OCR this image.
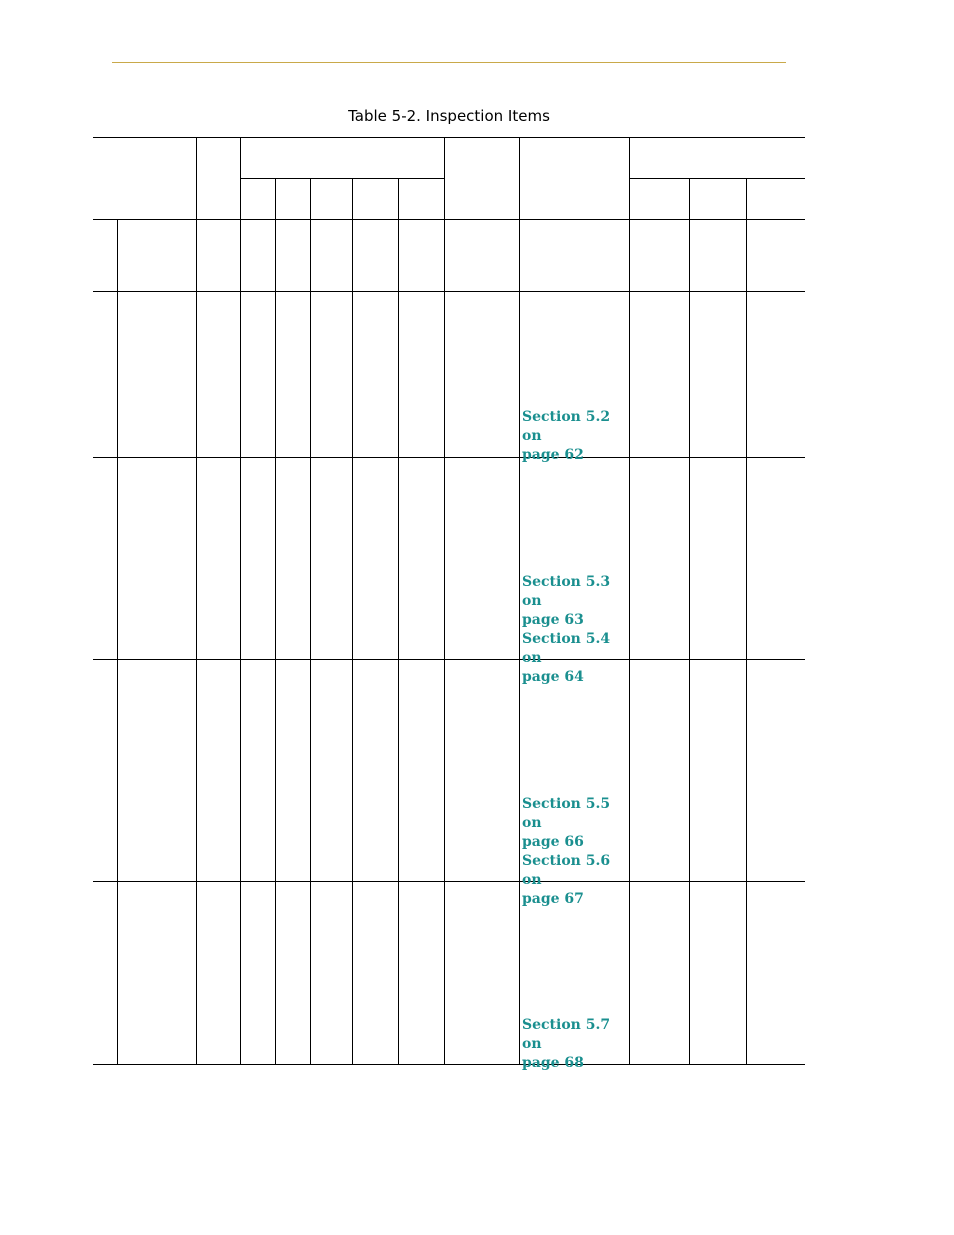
Table 5-2. Inspection Items
Section 5.2 on
page 62
Section 5.3 on
page 63
Section 5.4 on
page 64
Section 5.5 on
page 66
Section 5.6 on
page 67
Section 5.7 on
page 68
